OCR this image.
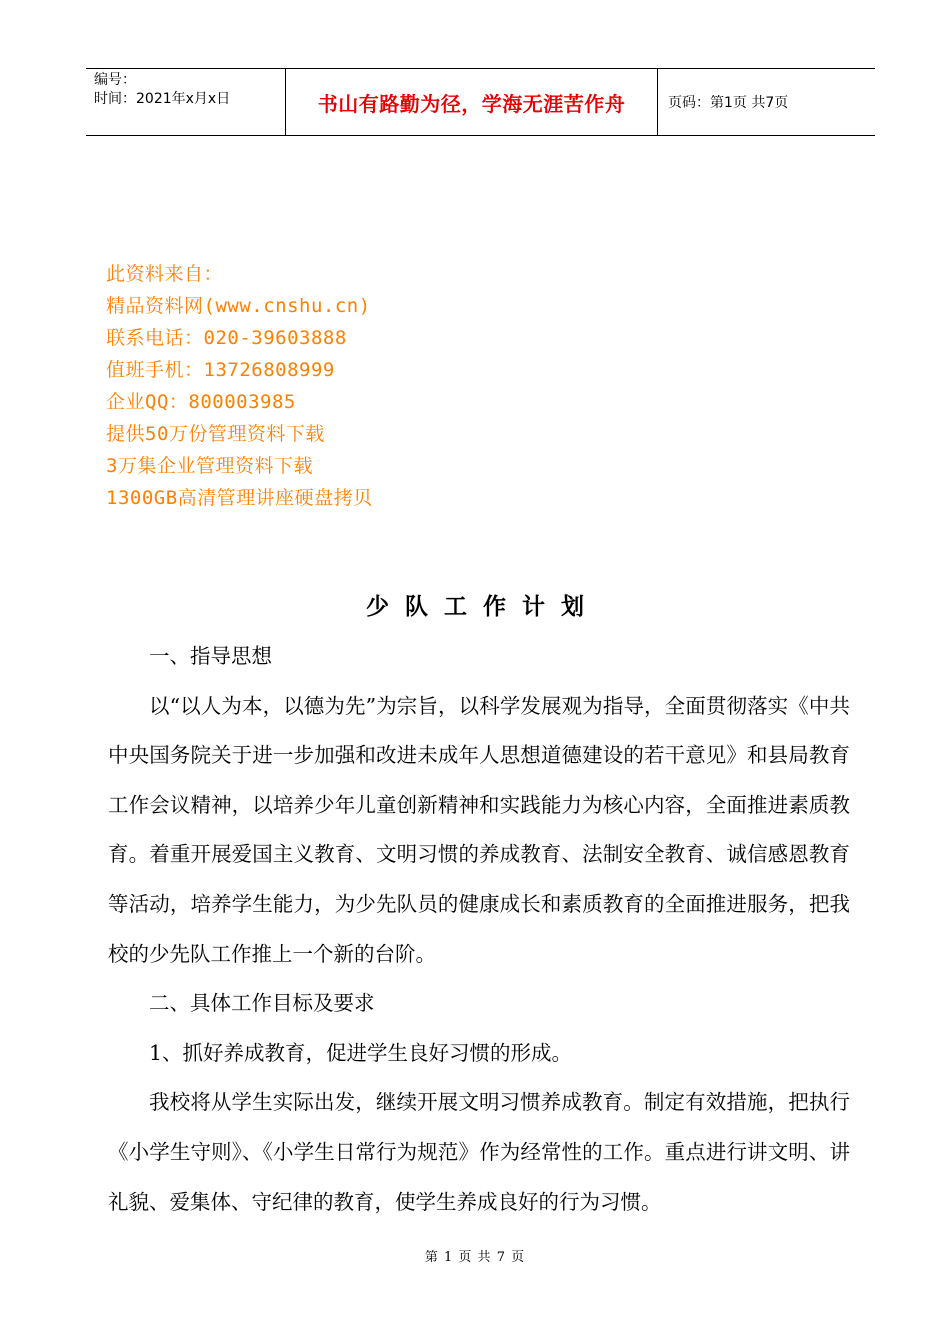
编号：
时间：2021年x月x日	书山有路勤为径，学海无涯苦作舟	页码：第1页 共7页
此资料来自：
精品资料网(www.cnshu.cn)
联系电话：020-39603888
值班手机：13726808999
企业QQ：800003985
提供50万份管理资料下载
3万集企业管理资料下载
1300GB高清管理讲座硬盘拷贝
少队工作计划

一、指导思想

以“以人为本，以德为先”为宗旨，以科学发展观为指导，全面贯彻落实《中共中央国务院关于进一步加强和改进未成年人思想道德建设的若干意见》和县局教育工作会议精神，以培养少年儿童创新精神和实践能力为核心内容，全面推进素质教育。着重开展爱国主义教育、文明习惯的养成教育、法制安全教育、诚信感恩教育等活动，培养学生能力，为少先队员的健康成长和素质教育的全面推进服务，把我校的少先队工作推上一个新的台阶。

二、具体工作目标及要求

1、抓好养成教育，促进学生良好习惯的形成。

我校将从学生实际出发，继续开展文明习惯养成教育。制定有效措施，把执行《小学生守则》、《小学生日常行为规范》作为经常性的工作。重点进行讲文明、讲礼貌、爱集体、守纪律的教育，使学生养成良好的行为习惯。

第 1 页 共 7 页
